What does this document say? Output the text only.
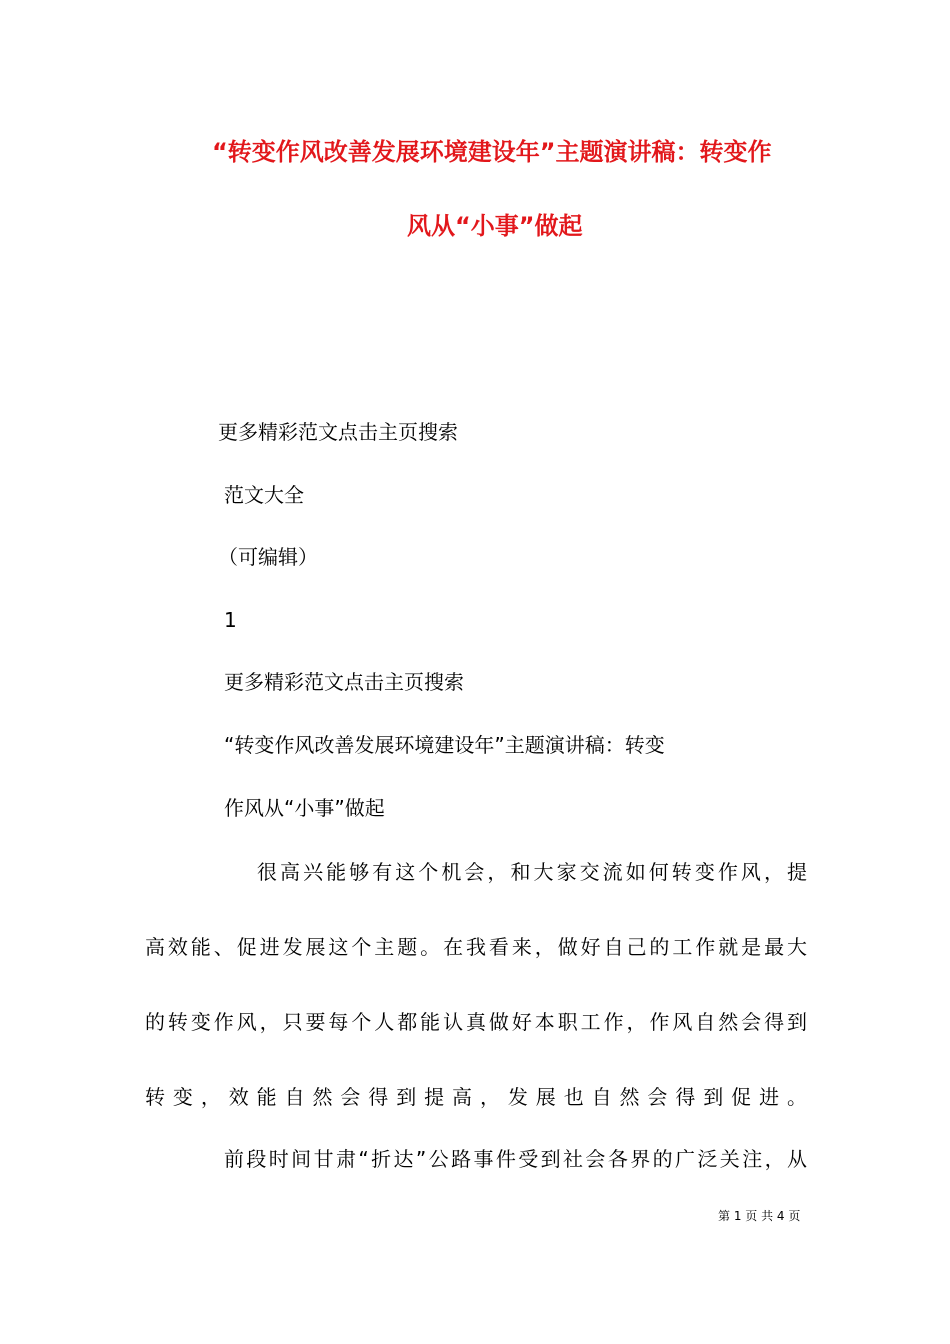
“转变作风改善发展环境建设年”主题演讲稿：转变作
风从“小事”做起
更多精彩范文点击主页搜索
范文大全
（可编辑）
1
更多精彩范文点击主页搜索
“转变作风改善发展环境建设年”主题演讲稿：转变
作风从“小事”做起
很高兴能够有这个机会，和大家交流如何转变作风，提
高效能、促进发展这个主题。在我看来，做好自己的工作就是最大
的转变作风，只要每个人都能认真做好本职工作，作风自然会得到
转变，效能自然会得到提高，发展也自然会得到促进。
前段时间甘肃“折达”公路事件受到社会各界的广泛关注，从
第 1 页 共 4 页
